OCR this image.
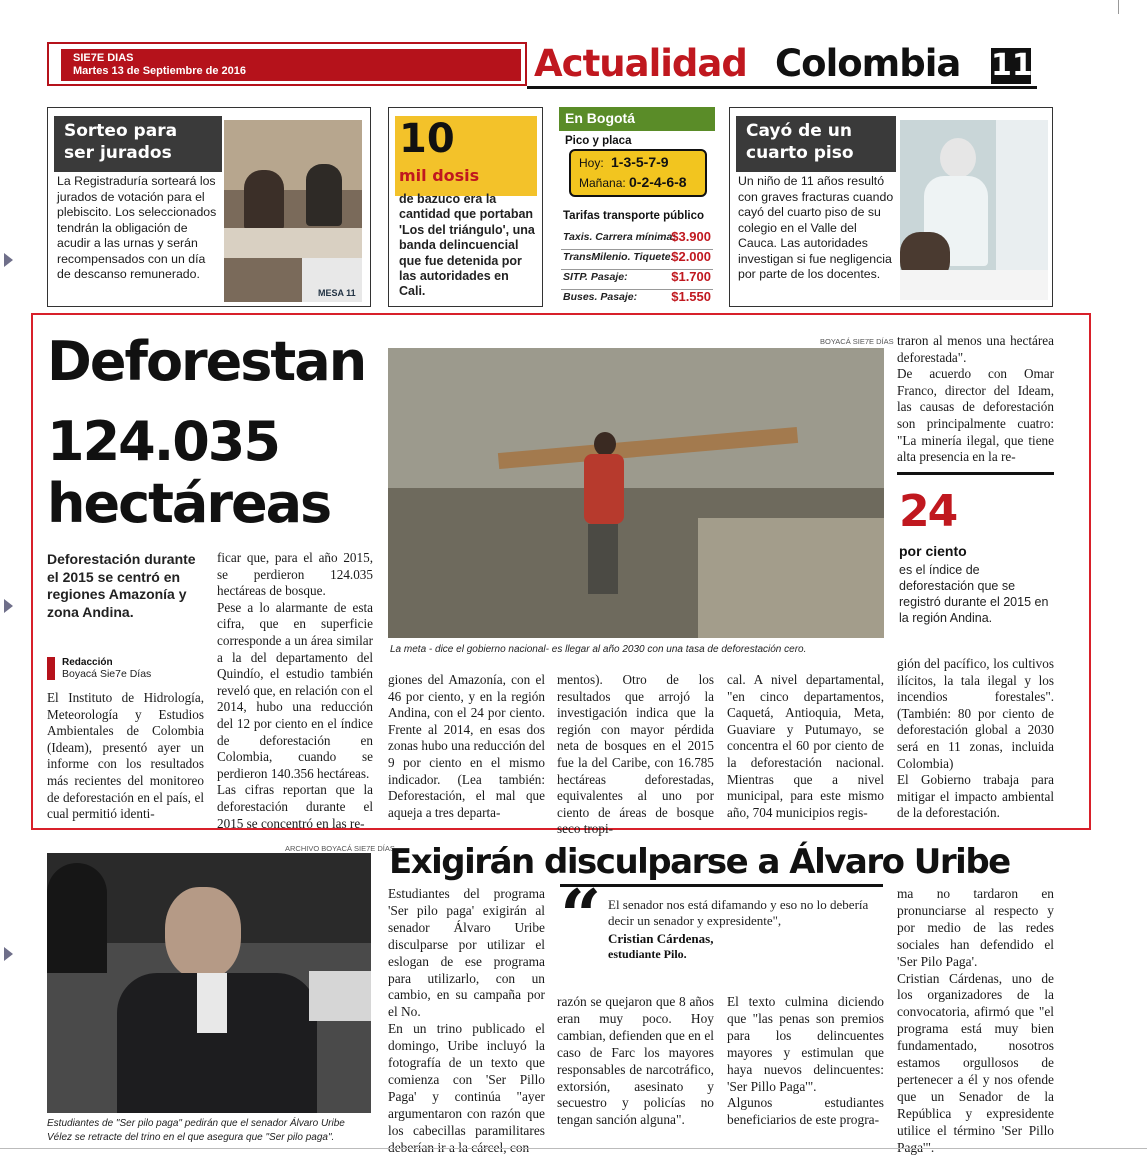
SIE7E DIAS
Martes 13 de Septiembre de 2016	Actualidad Colombia 11
Sorteo para ser jurados
La Registraduría sorteará los jurados de votación para el plebiscito. Los seleccionados tendrán la obligación de acudir a las urnas y serán recompensados con un día de descanso remunerado.
MESA 11
10
mil dosis
de bazuco era la cantidad que portaban 'Los del triángulo', una banda delincuencial que fue detenida por las autoridades en Cali.
En Bogotá
Pico y placa
Hoy: 1-3-5-7-9
Mañana: 0-2-4-6-8
Tarifas transporte público
Taxis. Carrera mínima:
$3.900
TransMilenio. Tiquete:
$2.000
SITP. Pasaje:	$1.700
Buses. Pasaje:	$1.550
Cayó de un cuarto piso
Un niño de 11 años resultó con graves fracturas cuando cayó del cuarto piso de su colegio en el Valle del Cauca. Las autoridades investigan si fue negligencia por parte de los docentes.
Deforestan
124.035
hectáreas
Deforestación durante el 2015 se centró en regiones Amazonía y zona Andina.
Redacción
Boyacá Sie7e Días
El Instituto de Hidrología, Meteorología y Estudios Ambientales de Colombia (Ideam), presentó ayer un informe con los resultados más recientes del monitoreo de deforestación en el país, el cual permitió identi-
ficar que, para el año 2015, se perdieron 124.035 hectáreas de bosque.
Pese a lo alarmante de esta cifra, que en superficie corresponde a un área similar a la del departamento del Quindío, el estudio también reveló que, en relación con el 2014, hubo una reducción del 12 por ciento en el índice de deforestación en Colombia, cuando se perdieron 140.356 hectáreas.
Las cifras reportan que la deforestación durante el 2015 se concentró en las re-
BOYACÁ SIE7E DÍAS
La meta - dice el gobierno nacional- es llegar al año 2030 con una tasa de deforestación cero.
giones del Amazonía, con el 46 por ciento, y en la región Andina, con el 24 por ciento. Frente al 2014, en esas dos zonas hubo una reducción del 9 por ciento en el mismo indicador. (Lea también: Deforestación, el mal que aqueja a tres departa-
mentos). Otro de los resultados que arrojó la investigación indica que la región con mayor pérdida neta de bosques en el 2015 fue la del Caribe, con 16.785 hectáreas deforestadas, equivalentes al uno por ciento de áreas de bosque seco tropi-
cal. A nivel departamental, "en cinco departamentos, Caquetá, Antioquia, Meta, Guaviare y Putumayo, se concentra el 60 por ciento de la deforestación nacional. Mientras que a nivel municipal, para este mismo año, 704 municipios regis-
traron al menos una hectárea deforestada".
De acuerdo con Omar Franco, director del Ideam, las causas de deforestación son principalmente cuatro: "La minería ilegal, que tiene alta presencia en la re-
24
por ciento
es el índice de deforestación que se registró durante el 2015 en la región Andina.
gión del pacífico, los cultivos ilícitos, la tala ilegal y los incendios forestales". (También: 80 por ciento de deforestación global a 2030 será en 11 zonas, incluida Colombia)
El Gobierno trabaja para mitigar el impacto ambiental de la deforestación.
ARCHIVO BOYACÁ SIE7E DÍAS
Estudiantes de "Ser pilo paga" pedirán que el senador Álvaro Uribe Vélez se retracte del trino en el que asegura que "Ser pilo paga".
Exigirán disculparse a Álvaro Uribe
Estudiantes del programa 'Ser pilo paga' exigirán al senador Álvaro Uribe disculparse por utilizar el eslogan de ese programa para utilizarlo, con un cambio, en su campaña por el No.
En un trino publicado el domingo, Uribe incluyó la fotografía de un texto que comienza con 'Ser Pillo Paga' y continúa "ayer argumentaron con razón que los cabecillas paramilitares
“ El senador nos está difamando y eso no lo debería decir un senador y expresidente",
Cristian Cárdenas,
estudiante Pilo.
razón se quejaron que 8 años eran muy poco. Hoy cambian, defienden que en el caso de Farc los mayores responsables de narcotráfico, extorsión, asesinato y secuestro y policías no tengan sanción alguna".
El texto culmina diciendo que "las penas son premios para los delincuentes mayores y estimulan que haya nuevos delincuentes: 'Ser Pillo Paga'".
Algunos estudiantes beneficiarios de este progra-
ma no tardaron en pronunciarse al respecto y por medio de las redes sociales han defendido el 'Ser Pilo Paga'.
Cristian Cárdenas, uno de los organizadores de la convocatoria, afirmó que "el programa está muy bien fundamentado, nosotros estamos orgullosos de pertenecer a él y nos ofende que un Senador de la República y expresidente utilice el término 'Ser Pillo
